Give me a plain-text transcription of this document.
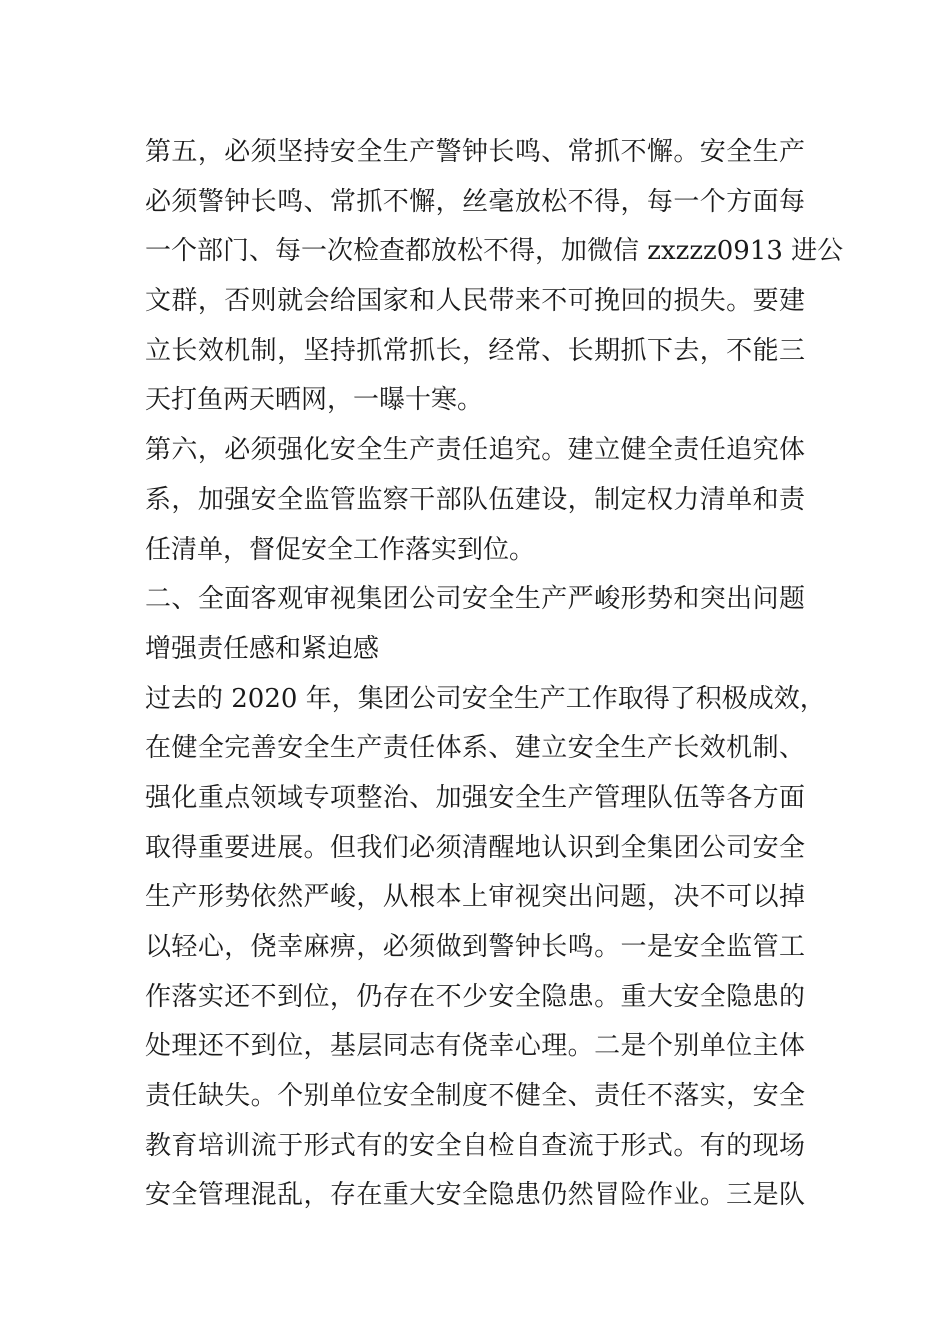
第五，必须坚持安全生产警钟长鸣、常抓不懈。安全生产
必须警钟长鸣、常抓不懈，丝毫放松不得，每一个方面每
一个部门、每一次检查都放松不得，加微信 zxzzz0913 进公
文群，否则就会给国家和人民带来不可挽回的损失。要建
立长效机制，坚持抓常抓长，经常、长期抓下去，不能三
天打鱼两天晒网，一曝十寒。
第六，必须强化安全生产责任追究。建立健全责任追究体
系，加强安全监管监察干部队伍建设，制定权力清单和责
任清单，督促安全工作落实到位。
二、全面客观审视集团公司安全生产严峻形势和突出问题
增强责任感和紧迫感
过去的 2020 年，集团公司安全生产工作取得了积极成效，
在健全完善安全生产责任体系、建立安全生产长效机制、
强化重点领域专项整治、加强安全生产管理队伍等各方面
取得重要进展。但我们必须清醒地认识到全集团公司安全
生产形势依然严峻，从根本上审视突出问题，决不可以掉
以轻心，侥幸麻痹，必须做到警钟长鸣。一是安全监管工
作落实还不到位，仍存在不少安全隐患。重大安全隐患的
处理还不到位，基层同志有侥幸心理。二是个别单位主体
责任缺失。个别单位安全制度不健全、责任不落实，安全
教育培训流于形式有的安全自检自查流于形式。有的现场
安全管理混乱，存在重大安全隐患仍然冒险作业。三是队
